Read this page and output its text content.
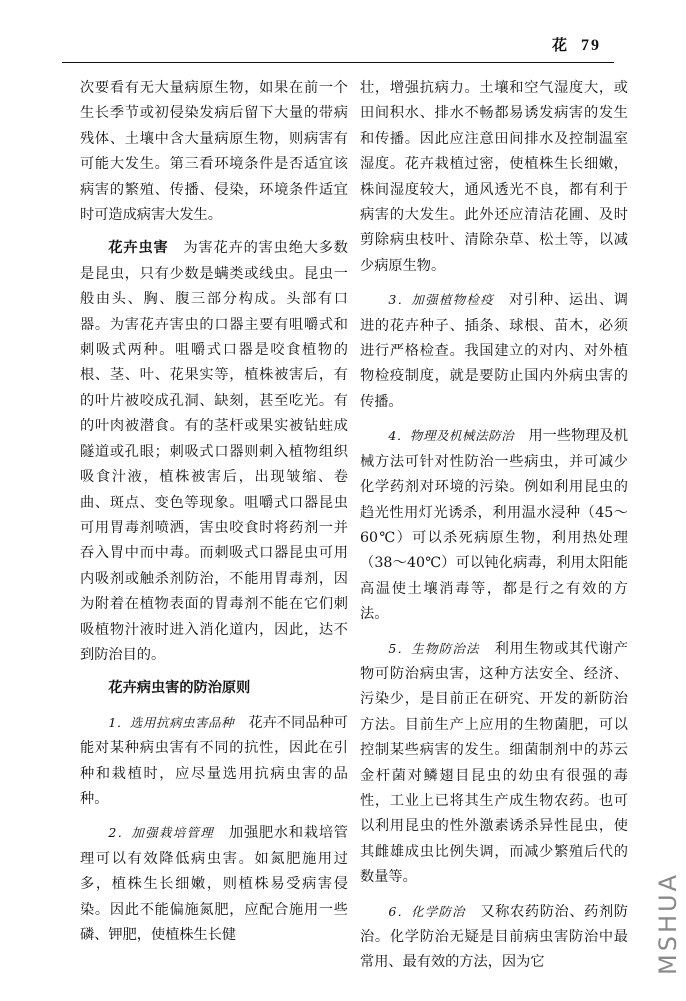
花 79

次要看有无大量病原生物，如果在前一个生长季节或初侵染发病后留下大量的带病残体、土壤中含大量病原生物，则病害有可能大发生。第三看环境条件是否适宜该病害的繁殖、传播、侵染，环境条件适宜时可造成病害大发生。

花卉虫害　 为害花卉的害虫绝大多数是昆虫，只有少数是螨类或线虫。昆虫一般由头、胸、腹三部分构成。头部有口器。为害花卉害虫的口器主要有咀嚼式和刺吸式两种。咀嚼式口器是咬食植物的根、茎、叶、花果实等，植株被害后，有的叶片被咬成孔洞、缺刻，甚至吃光。有的叶肉被潜食。有的茎杆或果实被钻蛀成隧道或孔眼；刺吸式口器则刺入植物组织吸食汁液，植株被害后，出现皱缩、卷曲、斑点、变色等现象。咀嚼式口器昆虫可用胃毒剂喷洒，害虫咬食时将药剂一并吞入胃中而中毒。而刺吸式口器昆虫可用内吸剂或触杀剂防治，不能用胃毒剂，因为附着在植物表面的胃毒剂不能在它们刺吸植物汁液时进入消化道内，因此，达不到防治目的。

花卉病虫害的防治原则

1．选用抗病虫害品种　 花卉不同品种可能对某种病虫害有不同的抗性，因此在引种和栽植时，应尽量选用抗病虫害的品种。

2．加强栽培管理　 加强肥水和栽培管理可以有效降低病虫害。如氮肥施用过多，植株生长细嫩，则植株易受病害侵染。因此不能偏施氮肥，应配合施用一些磷、钾肥，使植株生长健

壮，增强抗病力。土壤和空气湿度大，或田间积水、排水不畅都易诱发病害的发生和传播。因此应注意田间排水及控制温室湿度。花卉栽植过密，使植株生长细嫩，株间湿度较大，通风透光不良，都有利于病害的大发生。此外还应清洁花圃、及时剪除病虫枝叶、清除杂草、松土等，以减少病原生物。

3．加强植物检疫　 对引种、运出、调进的花卉种子、插条、球根、苗木，必须进行严格检查。我国建立的对内、对外植物检疫制度，就是要防止国内外病虫害的传播。

4．物理及机械法防治　 用一些物理及机械方法可针对性防治一些病虫，并可减少化学药剂对环境的污染。例如利用昆虫的趋光性用灯光诱杀，利用温水浸种（45～60℃）可以杀死病原生物，利用热处理（38～40℃）可以钝化病毒，利用太阳能高温使土壤消毒等，都是行之有效的方法。

5．生物防治法　 利用生物或其代谢产物可防治病虫害，这种方法安全、经济、污染少，是目前正在研究、开发的新防治方法。目前生产上应用的生物菌肥，可以控制某些病害的发生。细菌制剂中的苏云金杆菌对鳞翅目昆虫的幼虫有很强的毒性，工业上已将其生产成生物农药。也可以利用昆虫的性外激素诱杀异性昆虫，使其雌雄成虫比例失调，而减少繁殖后代的数量等。

6．化学防治　 又称农药防治、药剂防治。化学防治无疑是目前病虫害防治中最常用、最有效的方法，因为它	MSHUA
